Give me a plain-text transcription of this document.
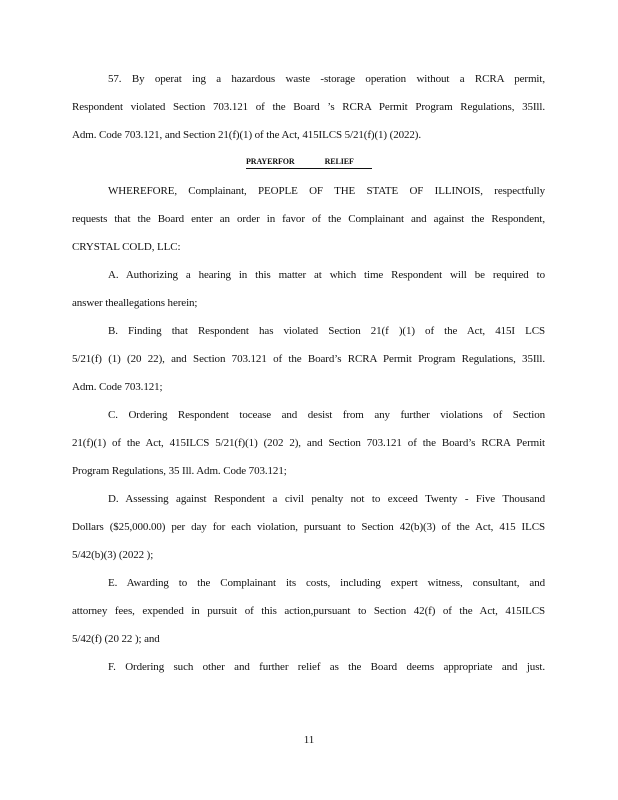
57. By operat ing a hazardous waste -storage operation without a RCRA permit,
Respondent violated Section 703.121 of the Board ’s RCRA Permit Program Regulations, 35Ill.
Adm. Code 703.121, and Section 21(f)(1) of the Act, 415ILCS 5/21(f)(1) (2022).
PRAYERFOR	RELIEF
WHEREFORE, Complainant, PEOPLE OF THE STATE OF ILLINOIS, respectfully
requests that the Board enter an order in favor of the Complainant and against the Respondent,
CRYSTAL COLD, LLC:
A. Authorizing a hearing in this matter at which time Respondent will be required to
answer theallegations herein;
B. Finding that Respondent has violated Section 21(f )(1) of the Act, 415I LCS
5/21(f) (1) (20 22), and Section 703.121 of the Board’s RCRA Permit Program Regulations, 35Ill.
Adm. Code 703.121;
C. Ordering Respondent tocease and desist from any further violations of Section
21(f)(1) of the Act, 415ILCS 5/21(f)(1) (202 2), and Section 703.121 of the Board’s RCRA Permit
Program Regulations, 35 Ill. Adm. Code 703.121;
D. Assessing against Respondent a civil penalty not to exceed Twenty - Five Thousand
Dollars ($25,000.00) per day for each violation, pursuant to Section 42(b)(3) of the Act, 415 ILCS
5/42(b)(3) (2022 );
E. Awarding to the Complainant its costs, including expert witness, consultant, and
attorney fees, expended in pursuit of this action,pursuant to Section 42(f) of the Act, 415ILCS
5/42(f) (20 22 ); and
F. Ordering such other and further relief as the Board deems appropriate and just.
11
